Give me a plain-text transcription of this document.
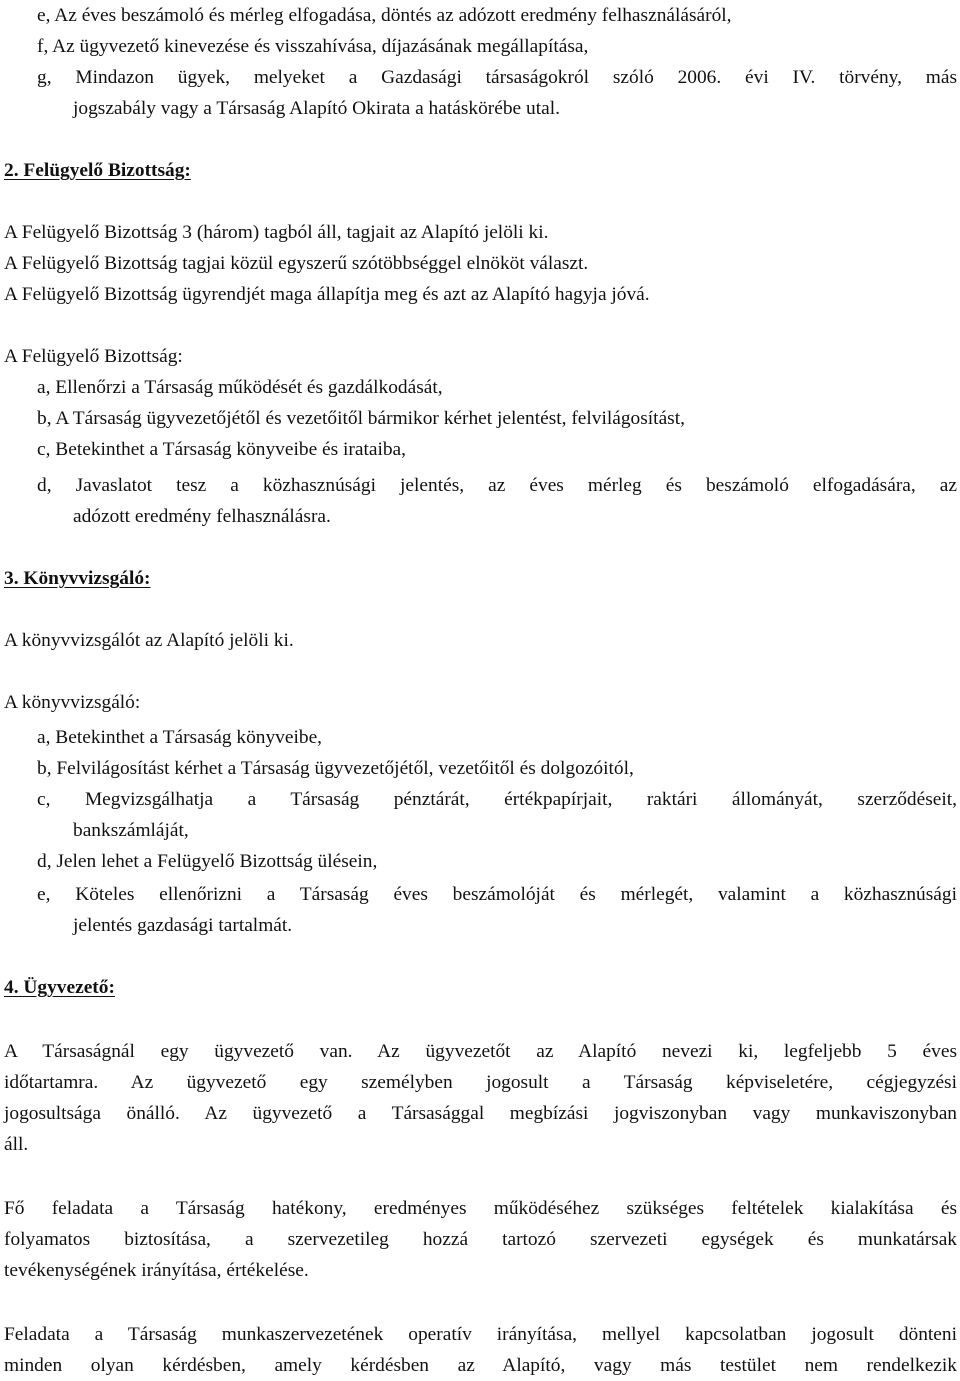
e, Az éves beszámoló és mérleg elfogadása, döntés az adózott eredmény felhasználásáról,
f, Az ügyvezető kinevezése és visszahívása, díjazásának megállapítása,
g, Mindazon ügyek, melyeket a Gazdasági társaságokról szóló 2006. évi IV. törvény, más
jogszabály vagy a Társaság Alapító Okirata a hatáskörébe utal.
2. Felügyelő Bizottság:
A Felügyelő Bizottság 3 (három) tagból áll, tagjait az Alapító jelöli ki.
A Felügyelő Bizottság tagjai közül egyszerű szótöbbséggel elnököt választ.
A Felügyelő Bizottság ügyrendjét maga állapítja meg és azt az Alapító hagyja jóvá.
A Felügyelő Bizottság:
a, Ellenőrzi a Társaság működését és gazdálkodását,
b, A Társaság ügyvezetőjétől és vezetőitől bármikor kérhet jelentést, felvilágosítást,
c, Betekinthet a Társaság könyveibe és irataiba,
d, Javaslatot tesz a közhasznúsági jelentés, az éves mérleg és beszámoló elfogadására, az
adózott eredmény felhasználásra.
3. Könyvvizsgáló:
A könyvvizsgálót az Alapító jelöli ki.
A könyvvizsgáló:
a, Betekinthet a Társaság könyveibe,
b, Felvilágosítást kérhet a Társaság ügyvezetőjétől, vezetőitől és dolgozóitól,
c, Megvizsgálhatja a Társaság pénztárát, értékpapírjait, raktári állományát, szerződéseit,
bankszámláját,
d, Jelen lehet a Felügyelő Bizottság ülésein,
e, Köteles ellenőrizni a Társaság éves beszámolóját és mérlegét, valamint a közhasznúsági
jelentés gazdasági tartalmát.
4. Ügyvezető:
A Társaságnál egy ügyvezető van. Az ügyvezetőt az Alapító nevezi ki, legfeljebb 5 éves
időtartamra. Az ügyvezető egy személyben jogosult a Társaság képviseletére, cégjegyzési
jogosultsága önálló. Az ügyvezető a Társasággal megbízási jogviszonyban vagy munkaviszonyban
áll.
Fő feladata a Társaság hatékony, eredményes működéséhez szükséges feltételek kialakítása és
folyamatos biztosítása, a szervezetileg hozzá tartozó szervezeti egységek és munkatársak
tevékenységének irányítása, értékelése.
Feladata a Társaság munkaszervezetének operatív irányítása, mellyel kapcsolatban jogosult dönteni
minden olyan kérdésben, amely kérdésben az Alapító, vagy más testület nem rendelkezik
